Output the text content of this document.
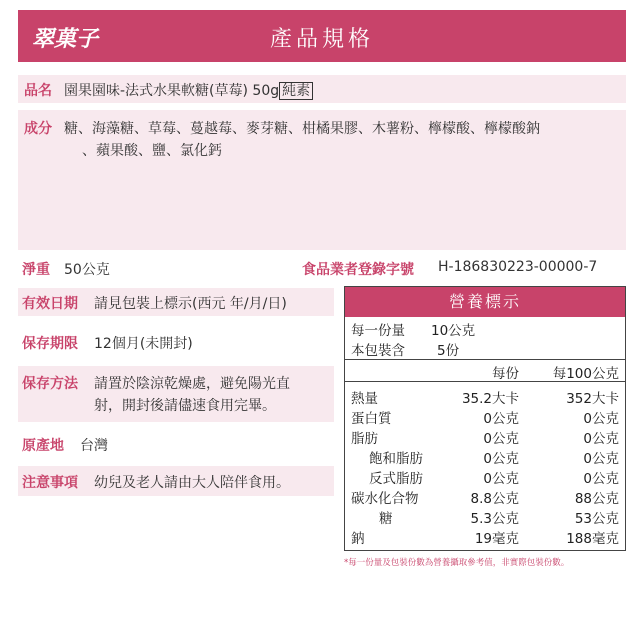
翠菓子	產品規格
品名 園果園味-法式水果軟糖(草莓) 50g 純素
成分 糖、海藻糖、草莓、蔓越莓、麥芽糖、柑橘果膠、木薯粉、檸檬酸、檸檬酸鈉
、蘋果酸、鹽、氯化鈣
淨重 50公克	食品業者登錄字號 H-186830223-00000-7
有效日期 請見包裝上標示(西元 年/月/日)
保存期限 12個月(未開封)
保存方法 請置於陰涼乾燥處，避免陽光直
射，開封後請儘速食用完畢。
原產地 台灣
注意事項 幼兒及老人請由大人陪伴食用。
營養標示
每一份量 10公克
本包裝含 5份
每份 每100公克
熱量	35.2大卡	352大卡
蛋白質	0公克	0公克
脂肪	0公克	0公克
飽和脂肪	0公克	0公克
反式脂肪	0公克	0公克
碳水化合物	8.8公克	88公克
糖	5.3公克	53公克
鈉	19毫克	188毫克
*每一份量及包裝份數為營養攝取參考值，非實際包裝份數。
